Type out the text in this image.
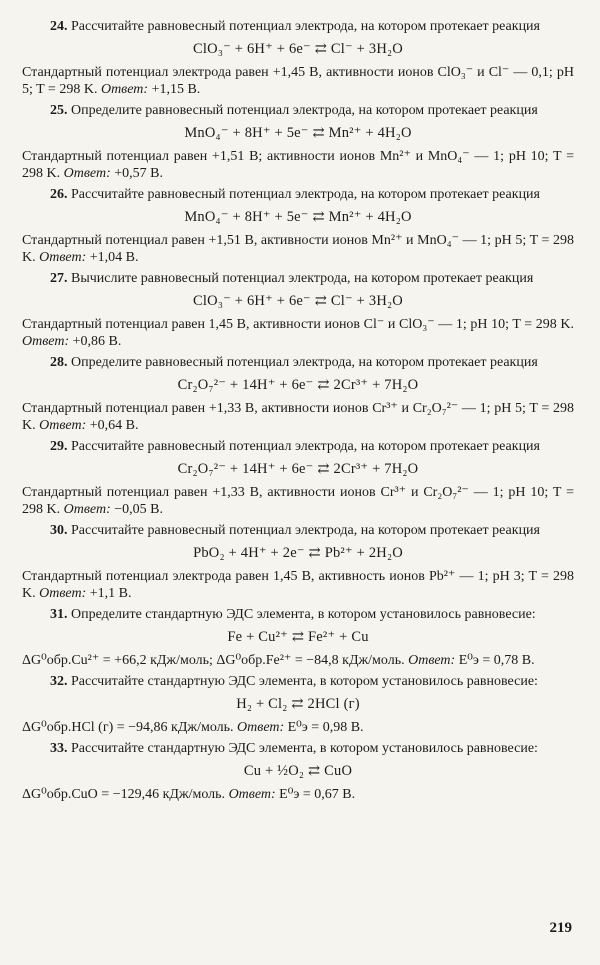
24. Рассчитайте равновесный потенциал электрода, на котором протекает реакция
ClO₃⁻ + 6H⁺ + 6e⁻ ⇄ Cl⁻ + 3H₂O
Стандартный потенциал электрода равен +1,45 В, активности ионов ClO₃⁻ и Cl⁻ — 0,1; pH 5; T = 298 K. Ответ: +1,15 В.
25. Определите равновесный потенциал электрода, на котором протекает реакция
MnO₄⁻ + 8H⁺ + 5e⁻ ⇄ Mn²⁺ + 4H₂O
Стандартный потенциал равен +1,51 В; активности ионов Mn²⁺ и MnO₄⁻ — 1; pH 10; T = 298 K. Ответ: +0,57 В.
26. Рассчитайте равновесный потенциал электрода, на котором протекает реакция
MnO₄⁻ + 8H⁺ + 5e⁻ ⇄ Mn²⁺ + 4H₂O
Стандартный потенциал равен +1,51 В, активности ионов Mn²⁺ и MnO₄⁻ — 1; pH 5; T = 298 K. Ответ: +1,04 В.
27. Вычислите равновесный потенциал электрода, на котором протекает реакция
ClO₃⁻ + 6H⁺ + 6e⁻ ⇄ Cl⁻ + 3H₂O
Стандартный потенциал равен 1,45 В, активности ионов Cl⁻ и ClO₃⁻ — 1; pH 10; T = 298 K. Ответ: +0,86 В.
28. Определите равновесный потенциал электрода, на котором протекает реакция
Cr₂O₇²⁻ + 14H⁺ + 6e⁻ ⇄ 2Cr³⁺ + 7H₂O
Стандартный потенциал равен +1,33 В, активности ионов Cr³⁺ и Cr₂O₇²⁻ — 1; pH 5; T = 298 K. Ответ: +0,64 В.
29. Рассчитайте равновесный потенциал электрода, на котором протекает реакция
Cr₂O₇²⁻ + 14H⁺ + 6e⁻ ⇄ 2Cr³⁺ + 7H₂O
Стандартный потенциал равен +1,33 В, активности ионов Cr³⁺ и Cr₂O₇²⁻ — 1; pH 10; T = 298 K. Ответ: −0,05 В.
30. Рассчитайте равновесный потенциал электрода, на котором протекает реакция
PbO₂ + 4H⁺ + 2e⁻ ⇄ Pb²⁺ + 2H₂O
Стандартный потенциал электрода равен 1,45 В, активность ионов Pb²⁺ — 1; pH 3; T = 298 K. Ответ: +1,1 В.
31. Определите стандартную ЭДС элемента, в котором установилось равновесие:
Fe + Cu²⁺ ⇄ Fe²⁺ + Cu
ΔG⁰обр.Cu²⁺ = +66,2 кДж/моль; ΔG⁰обр.Fe²⁺ = −84,8 кДж/моль. Ответ: E⁰э = 0,78 В.
32. Рассчитайте стандартную ЭДС элемента, в котором установилось равновесие:
H₂ + Cl₂ ⇄ 2HCl (г)
ΔG⁰обр.HCl (г) = −94,86 кДж/моль. Ответ: E⁰э = 0,98 В.
33. Рассчитайте стандартную ЭДС элемента, в котором установилось равновесие:
Cu + ½O₂ ⇄ CuO
ΔG⁰обр.CuO = −129,46 кДж/моль. Ответ: E⁰э = 0,67 В.
219
